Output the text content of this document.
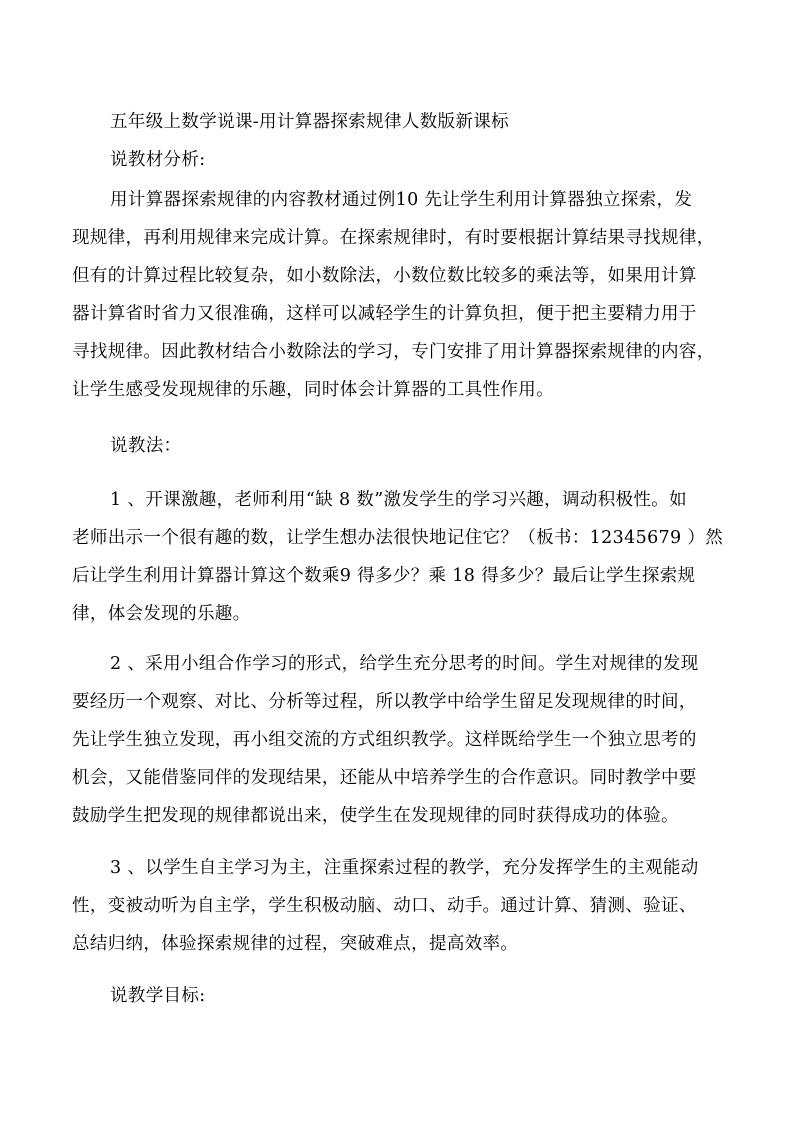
五年级上数学说课-用计算器探索规律人数版新课标
说教材分析:
用计算器探索规律的内容教材通过例10 先让学生利用计算器独立探索，发
现规律，再利用规律来完成计算。在探索规律时，有时要根据计算结果寻找规律，
但有的计算过程比较复杂，如小数除法，小数位数比较多的乘法等，如果用计算
器计算省时省力又很准确，这样可以减轻学生的计算负担，便于把主要精力用于
寻找规律。因此教材结合小数除法的学习，专门安排了用计算器探索规律的内容，
让学生感受发现规律的乐趣，同时体会计算器的工具性作用。
说教法：
1 、开课激趣，老师利用“缺 8 数”激发学生的学习兴趣，调动积极性。如
老师出示一个很有趣的数，让学生想办法很快地记住它？（板书：12345679 ）然
后让学生利用计算器计算这个数乘9 得多少？乘 18 得多少？最后让学生探索规
律，体会发现的乐趣。
2 、采用小组合作学习的形式，给学生充分思考的时间。学生对规律的发现
要经历一个观察、对比、分析等过程，所以教学中给学生留足发现规律的时间，
先让学生独立发现，再小组交流的方式组织教学。这样既给学生一个独立思考的
机会，又能借鉴同伴的发现结果，还能从中培养学生的合作意识。同时教学中要
鼓励学生把发现的规律都说出来，使学生在发现规律的同时获得成功的体验。
3 、以学生自主学习为主，注重探索过程的教学，充分发挥学生的主观能动
性，变被动听为自主学，学生积极动脑、动口、动手。通过计算、猜测、验证、
总结归纳，体验探索规律的过程，突破难点，提高效率。
说教学目标:
